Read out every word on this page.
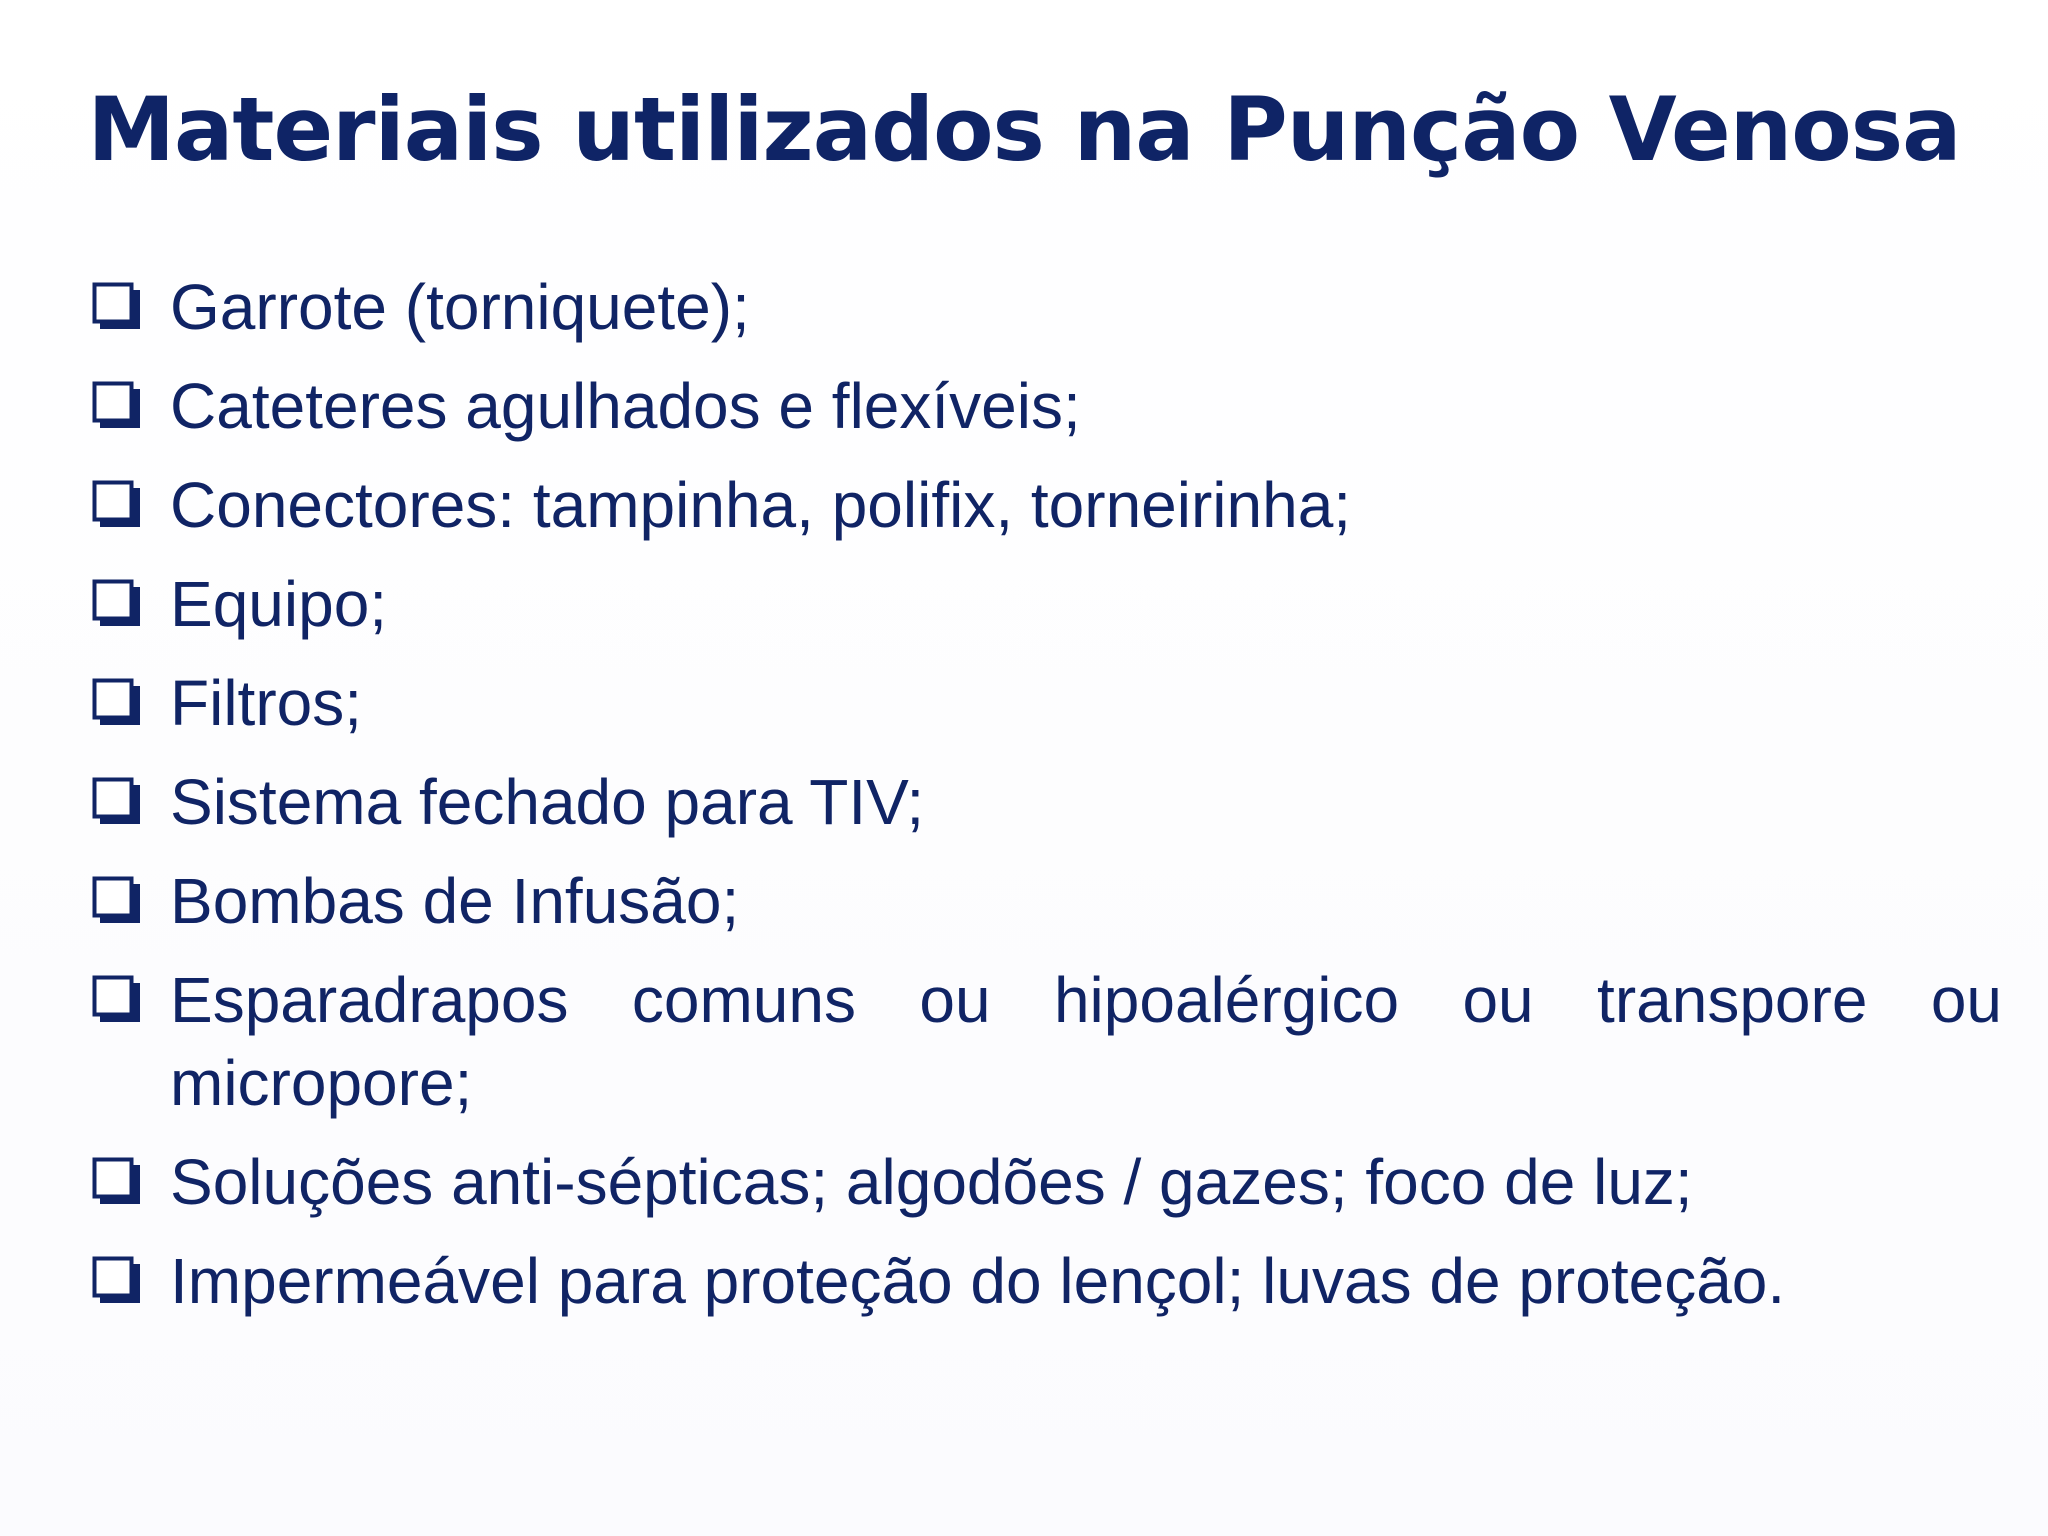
Materiais utilizados na Punção Venosa
Garrote (torniquete);
Cateteres agulhados e flexíveis;
Conectores: tampinha, polifix, torneirinha;
Equipo;
Filtros;
Sistema fechado para TIV;
Bombas de Infusão;
Esparadrapos comuns ou hipoalérgico ou transpore ou micropore;
Soluções anti-sépticas; algodões / gazes; foco de luz;
Impermeável para proteção do lençol; luvas de proteção.
